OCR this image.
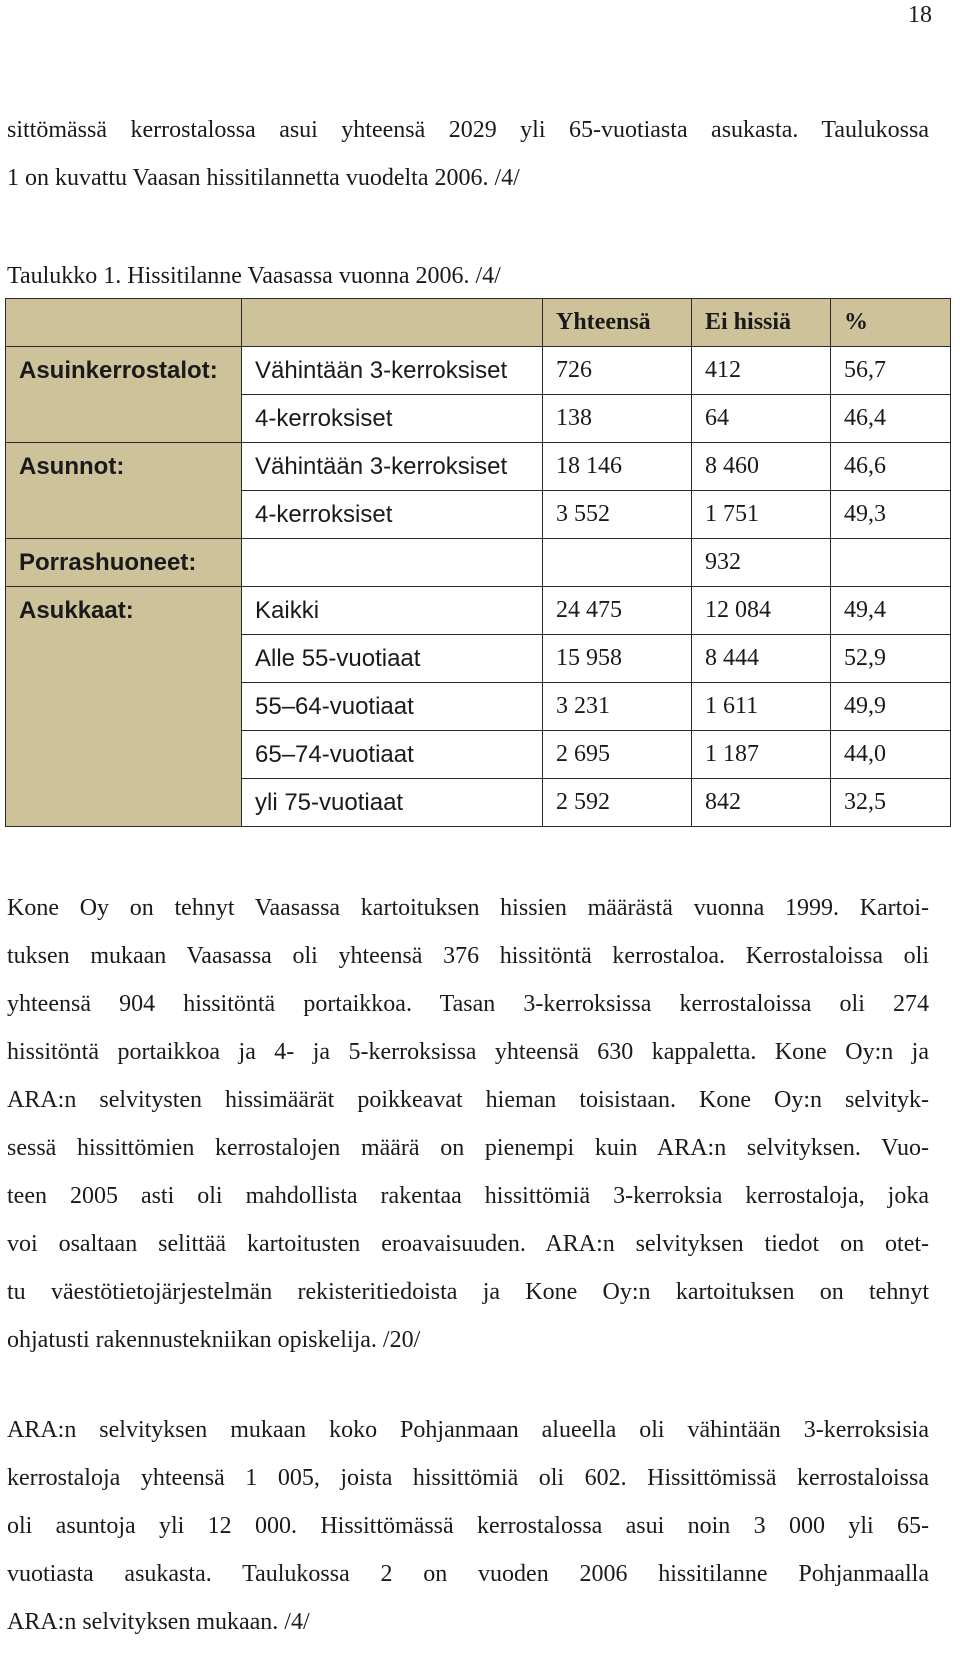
18
sittömässä kerrostalossa asui yhteensä 2029 yli 65-vuotiasta asukasta. Taulukossa
1 on kuvattu Vaasan hissitilannetta vuodelta 2006. /4/
Taulukko 1. Hissitilanne Vaasassa vuonna 2006. /4/
		Yhteensä	Ei hissiä	%
Asuinkerrostalot:	Vähintään 3-kerroksiset	726	412	56,7
	4-kerroksiset	138	64	46,4
Asunnot:	Vähintään 3-kerroksiset	18 146	8 460	46,6
	4-kerroksiset	3 552	1 751	49,3
Porrashuoneet:			932	
Asukkaat:	Kaikki	24 475	12 084	49,4
	Alle 55-vuotiaat	15 958	8 444	52,9
	55–64-vuotiaat	3 231	1 611	49,9
	65–74-vuotiaat	2 695	1 187	44,0
	yli 75-vuotiaat	2 592	842	32,5
Kone Oy on tehnyt Vaasassa kartoituksen hissien määrästä vuonna 1999. Kartoi-
tuksen mukaan Vaasassa oli yhteensä 376 hissitöntä kerrostaloa. Kerrostaloissa oli
yhteensä 904 hissitöntä portaikkoa. Tasan 3-kerroksissa kerrostaloissa oli 274
hissitöntä portaikkoa ja 4- ja 5-kerroksissa yhteensä 630 kappaletta. Kone Oy:n ja
ARA:n selvitysten hissimäärät poikkeavat hieman toisistaan. Kone Oy:n selvityk-
sessä hissittömien kerrostalojen määrä on pienempi kuin ARA:n selvityksen. Vuo-
teen 2005 asti oli mahdollista rakentaa hissittömiä 3-kerroksia kerrostaloja, joka
voi osaltaan selittää kartoitusten eroavaisuuden. ARA:n selvityksen tiedot on otet-
tu väestötietojärjestelmän rekisteritiedoista ja Kone Oy:n kartoituksen on tehnyt
ohjatusti rakennustekniikan opiskelija. /20/
ARA:n selvityksen mukaan koko Pohjanmaan alueella oli vähintään 3-kerroksisia
kerrostaloja yhteensä 1 005, joista hissittömiä oli 602. Hissittömissä kerrostaloissa
oli asuntoja yli 12 000. Hissittömässä kerrostalossa asui noin 3 000 yli 65-
vuotiasta asukasta. Taulukossa 2 on vuoden 2006 hissitilanne Pohjanmaalla
ARA:n selvityksen mukaan. /4/
